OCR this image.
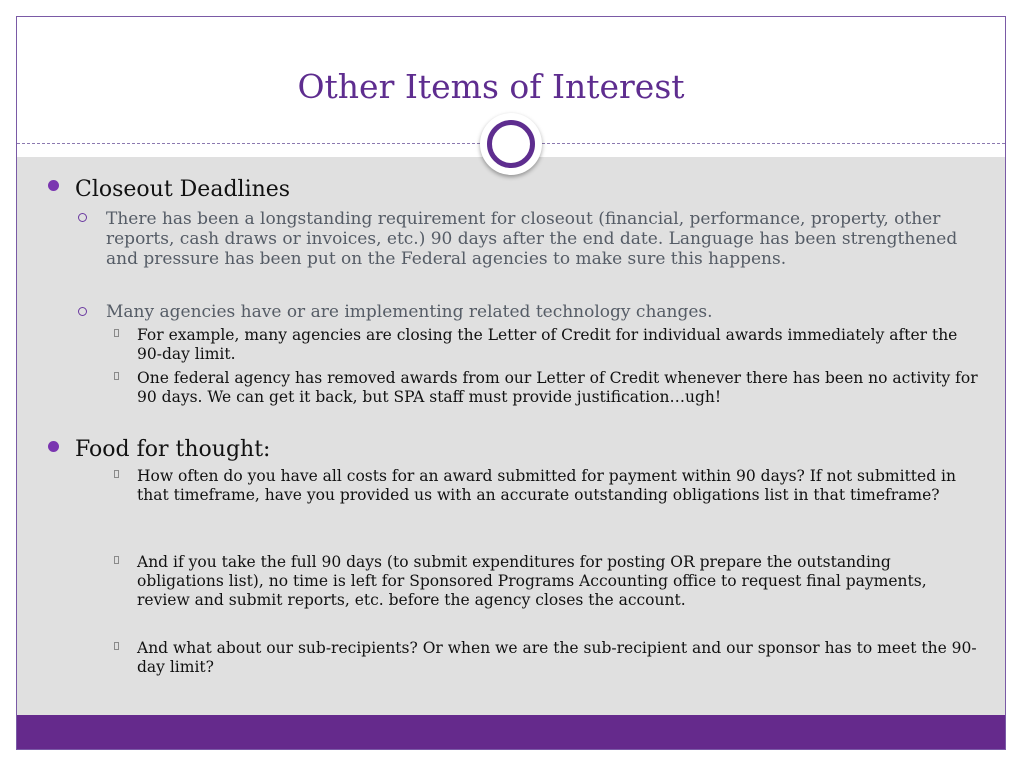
Other Items of Interest
Closeout Deadlines
There has been a longstanding requirement for closeout (financial, performance, property, other reports, cash draws or invoices, etc.) 90 days after the end date. Language has been strengthened and pressure has been put on the Federal agencies to make sure this happens.
Many agencies have or are implementing related technology changes.
For example, many agencies are closing the Letter of Credit for individual awards immediately after the 90-day limit.
One federal agency has removed awards from our Letter of Credit whenever there has been no activity for 90 days. We can get it back, but SPA staff must provide justification…ugh!
Food for thought:
How often do you have all costs for an award submitted for payment within 90 days? If not submitted in that timeframe, have you provided us with an accurate outstanding obligations list in that timeframe?
And if you take the full 90 days (to submit expenditures for posting OR prepare the outstanding obligations list), no time is left for Sponsored Programs Accounting office to request final payments, review and submit reports, etc. before the agency closes the account.
And what about our sub-recipients? Or when we are the sub-recipient and our sponsor has to meet the 90-day limit?
